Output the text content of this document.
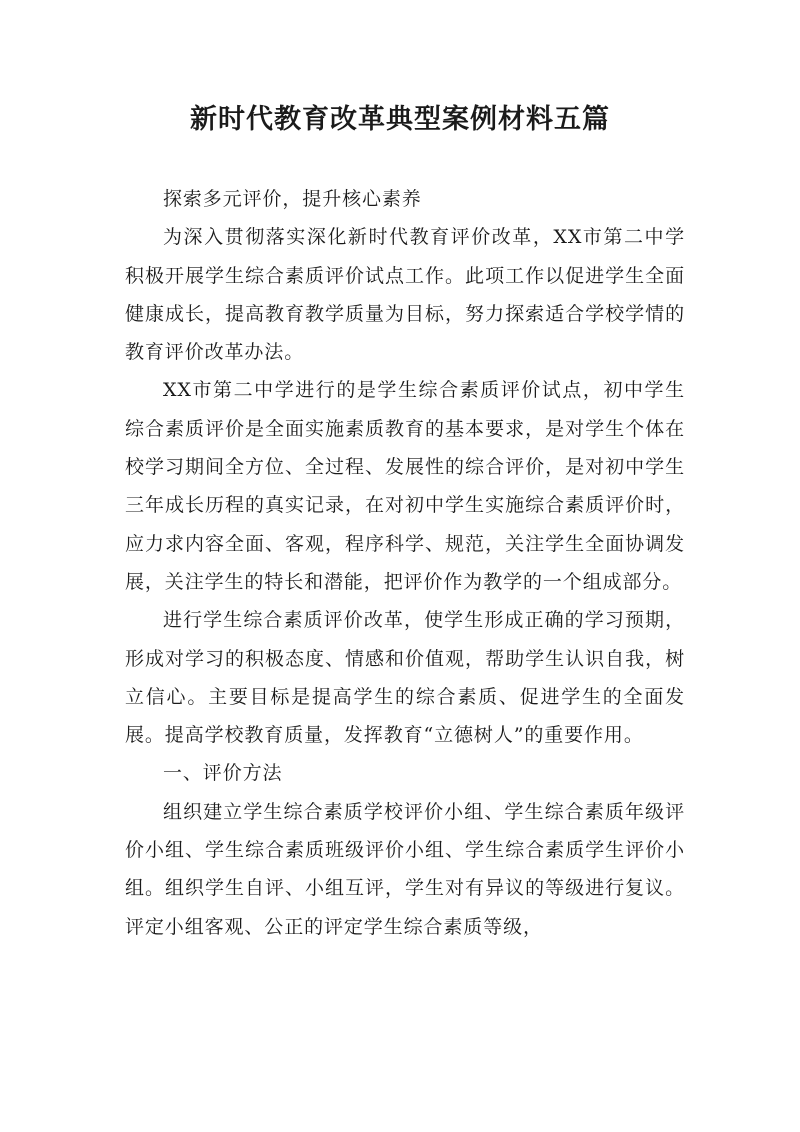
新时代教育改革典型案例材料五篇

探索多元评价，提升核心素养

为深入贯彻落实深化新时代教育评价改革，XX市第二中学积极开展学生综合素质评价试点工作。此项工作以促进学生全面健康成长，提高教育教学质量为目标，努力探索适合学校学情的教育评价改革办法。

XX市第二中学进行的是学生综合素质评价试点，初中学生综合素质评价是全面实施素质教育的基本要求，是对学生个体在校学习期间全方位、全过程、发展性的综合评价，是对初中学生三年成长历程的真实记录，在对初中学生实施综合素质评价时，应力求内容全面、客观，程序科学、规范，关注学生全面协调发展，关注学生的特长和潜能，把评价作为教学的一个组成部分。

进行学生综合素质评价改革，使学生形成正确的学习预期，形成对学习的积极态度、情感和价值观，帮助学生认识自我，树立信心。主要目标是提高学生的综合素质、促进学生的全面发展。提高学校教育质量，发挥教育“立德树人”的重要作用。

一、评价方法

组织建立学生综合素质学校评价小组、学生综合素质年级评价小组、学生综合素质班级评价小组、学生综合素质学生评价小组。组织学生自评、小组互评，学生对有异议的等级进行复议。评定小组客观、公正的评定学生综合素质等级，
